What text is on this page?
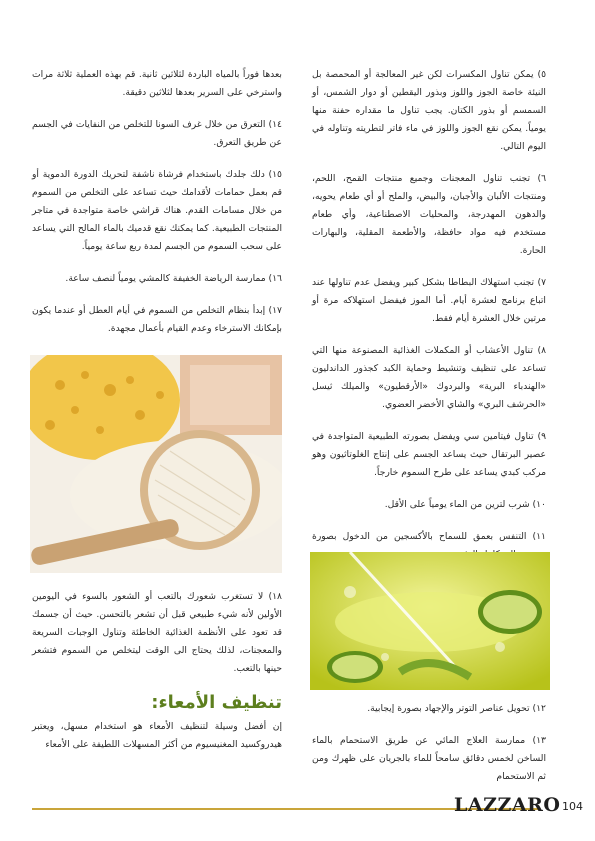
٥) يمكن تناول المكسرات لكن غير المعالجة أو المحمصة بل النيئة خاصة الجوز واللوز وبذور اليقطين أو دوار الشمس، أو السمسم أو بذور الكتان. يجب تناول ما مقداره حفنة منها يومياً. يمكن نقع الجوز واللوز في ماء فاتر لتطريته وتناوله في اليوم التالي.

٦) تجنب تناول المعجنات وجميع منتجات القمح، اللحم، ومنتجات الألبان والأجبان، والبيض، والملح أو أي طعام يحويه، والدهون المهدرجة، والمحليات الاصطناعية، وأي طعام مستخدم فيه مواد حافظة، والأطعمة المقلية، والبهارات الحارة.

٧) تجنب استهلاك البطاطا بشكل كبير ويفضل عدم تناولها عند اتباع برنامج لعشرة أيام. أما الموز فيفضل استهلاكه مرة أو مرتين خلال العشرة أيام فقط.

٨) تناول الأعشاب أو المكملات الغذائية المصنوعة منها التي تساعد على تنظيف وتنشيط وحماية الكبد كجذور الداندليون «الهندباء البرية» والبردوك «الأرقطيون» والميلك ثيسل «الحرشف البري» والشاي الأخضر العضوي.

٩) تناول فيتامين سي ويفضل بصورته الطبيعية المتواجدة في عصير البرتقال حيث يساعد الجسم على إنتاج الغلوتاثيون وهو مركب كبدي يساعد على طرح السموم خارجاً.

١٠) شرب لترين من الماء يومياً على الأقل.

١١) التنفس بعمق للسماح بالأكسجين من الدخول بصورة

١٢) تحويل عناصر التوتر والإجهاد بصورة إيجابية.

١٣) ممارسة العلاج المائي عن طريق الاستحمام بالماء الساخن لخمس دقائق سامحاً للماء بالجريان على ظهرك ومن ثم الاستحمام

بعدها فوراً بالمياه الباردة لثلاثين ثانية. قم بهذه العملية ثلاثة مرات واسترخي على السرير بعدها لثلاثين دقيقة.

١٤) التعرق من خلال غرف السونا للتخلص من النفايات في الجسم عن طريق التعرق.

١٥) دلك جلدك باستخدام فرشاة ناشفة لتحريك الدورة الدموية أو قم بعمل حمامات لأقدامك حيث تساعد على التخلص من السموم من خلال مسامات القدم. هناك قراشي خاصة متواجدة في متاجر المنتجات الطبيعية. كما يمكنك نقع قدميك بالماء المالح التي يساعد على سحب السموم من الجسم لمدة ربع ساعة يومياً.

١٦) ممارسة الرياضة الخفيفة كالمشي يومياً لنصف ساعة.

١٧) إبدأ بنظام التخلص من السموم في أيام العطل أو عندما يكون بإمكانك الاسترخاء وعدم القيام بأعمال مجهدة.

١٨) لا تستغرب شعورك بالتعب أو الشعور بالسوء في اليومين الأولين لأنه شيء طبيعي قبل أن تشعر بالتحسن. حيث أن جسمك قد تعود على الأنظمة الغذائية الخاطئة وتناول الوجبات السريعة والمعجنات، لذلك يحتاج الى الوقت ليتخلص من السموم فتشعر حينها بالتعب.

تنظيف الأمعاء:

إن أفضل وسيلة لتنظيف الأمعاء هو استخدام مسهل، ويعتبر هيدروكسيد المغنيسيوم من أكثر المسهلات اللطيفة على الأمعاء

LAZZARO 104
